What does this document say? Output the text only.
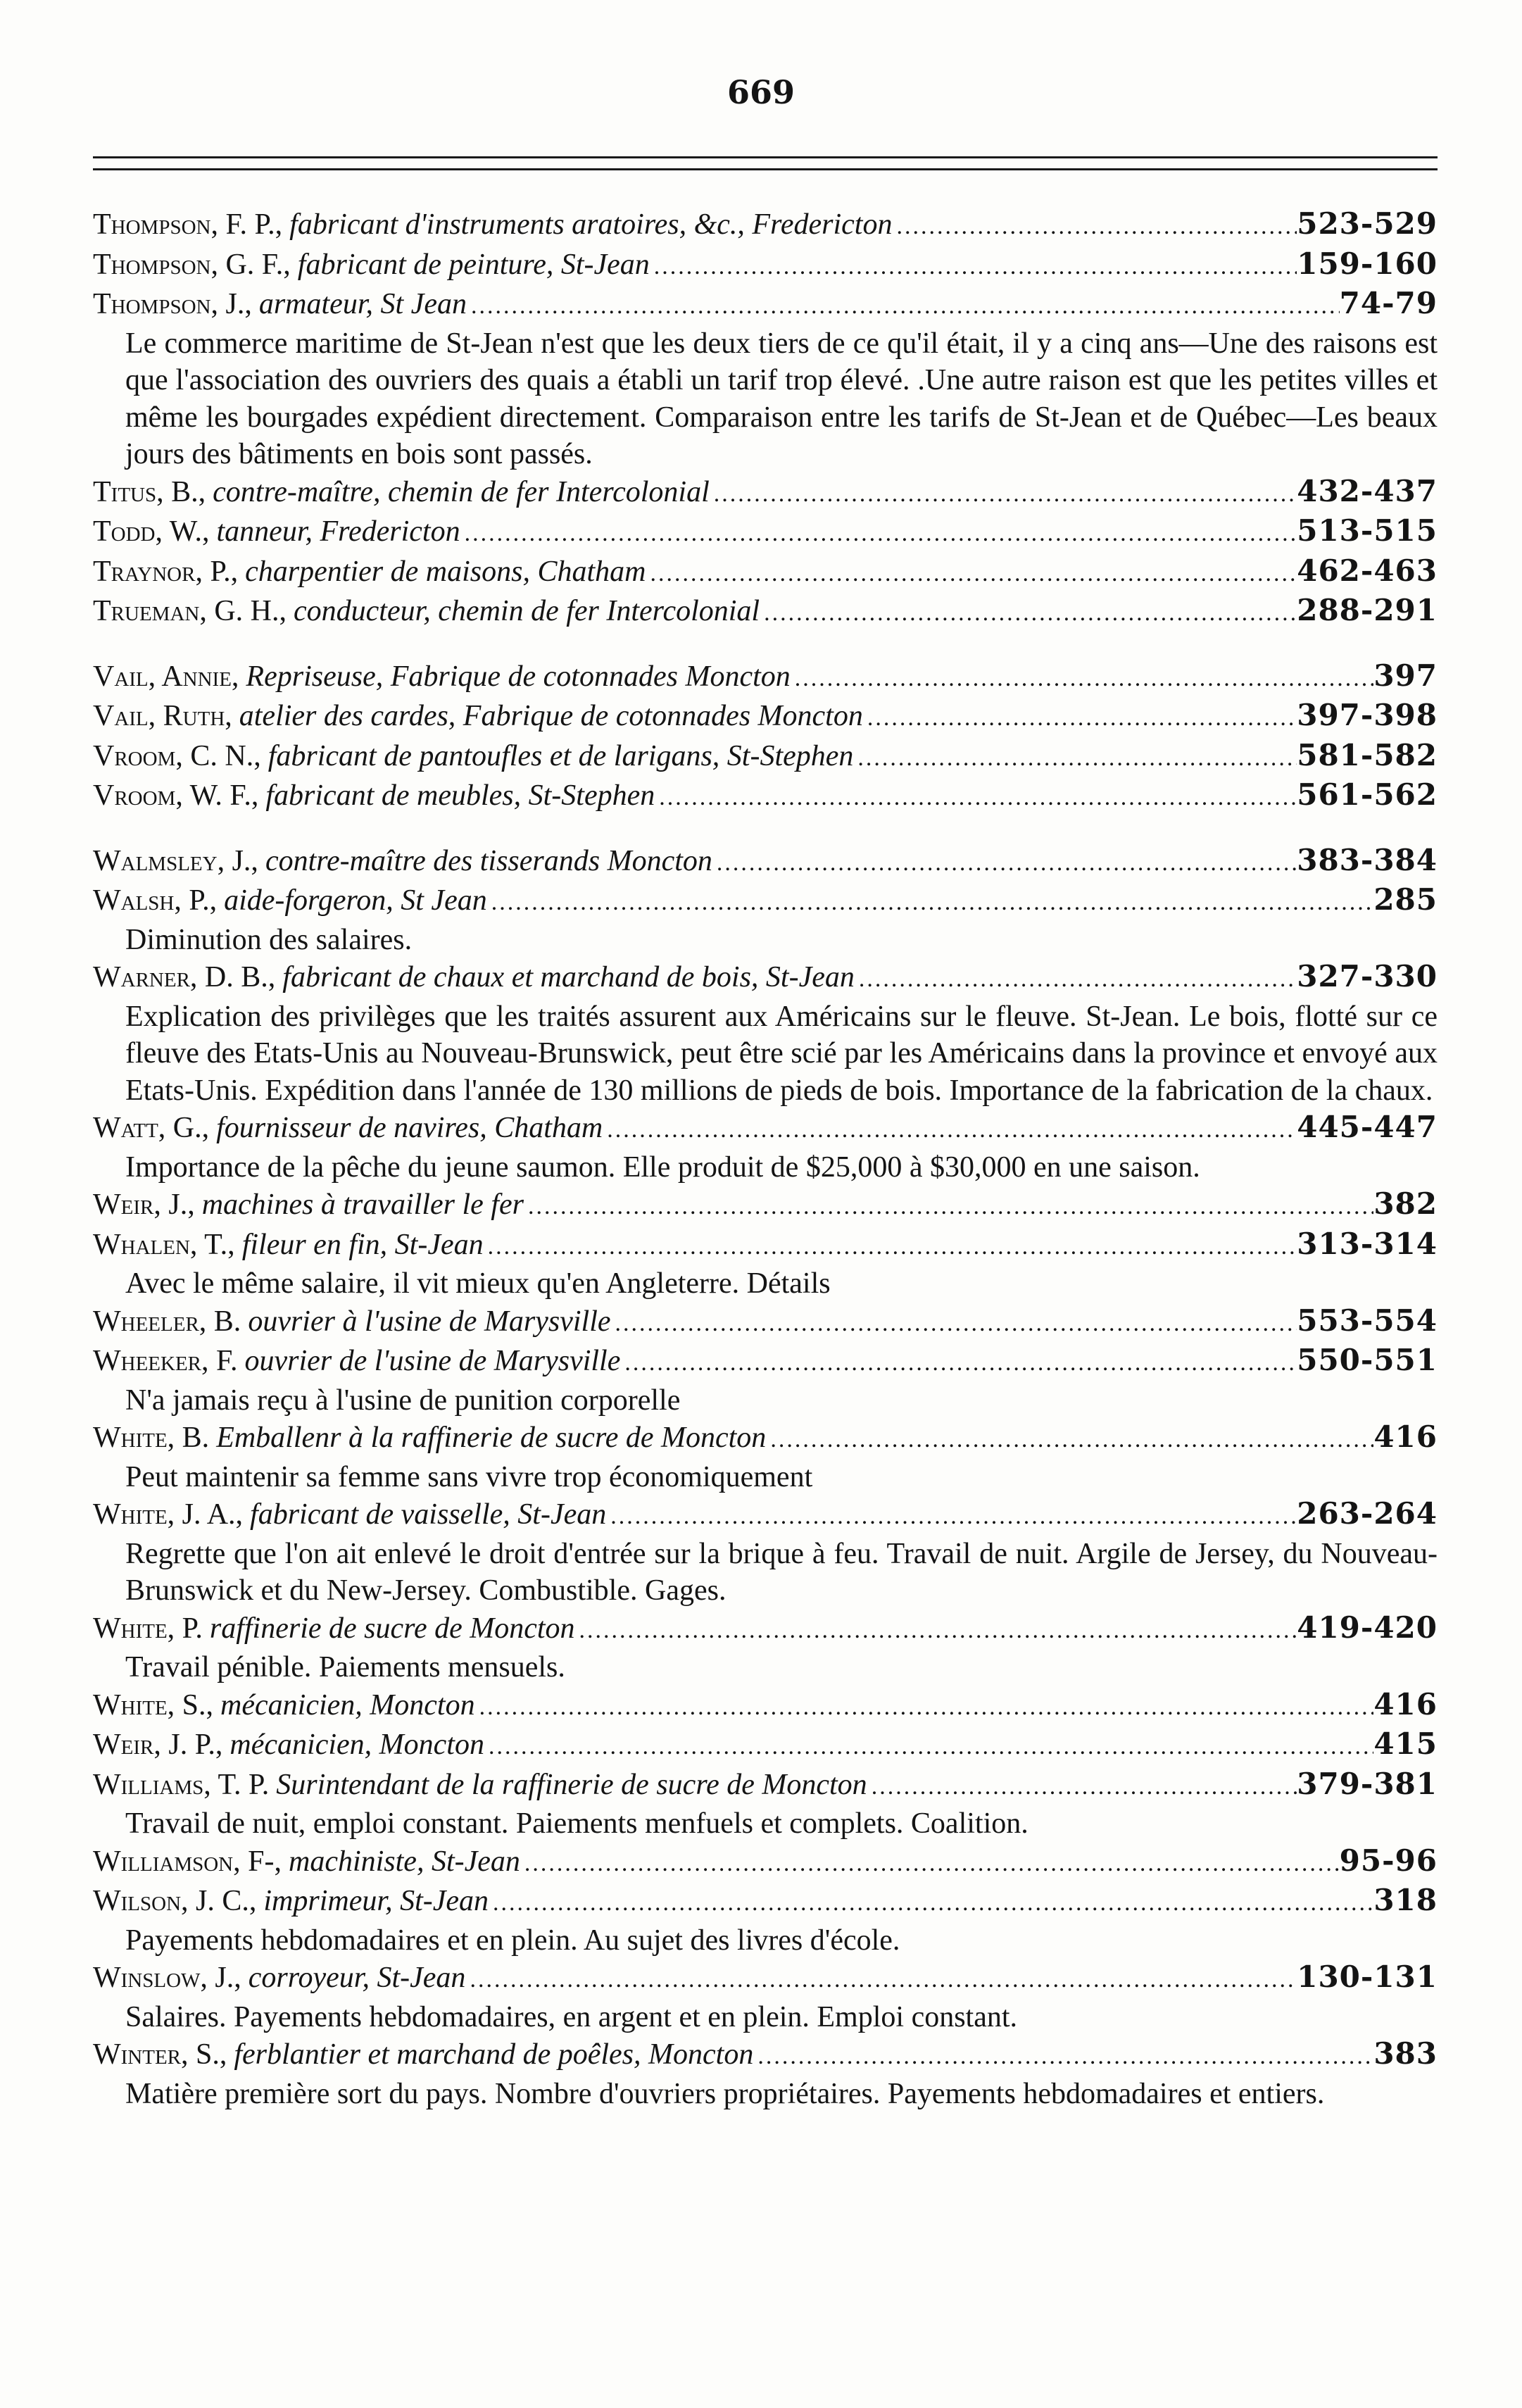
669
Thompson, F. P., fabricant d'instruments aratoires, &c., Fredericton .....	523-529
Thompson, G. F., fabricant de peinture, St-Jean .....	159-160
Thompson, J., armateur, St Jean .....	74-79
Le commerce maritime de St-Jean n'est que les deux tiers de ce qu'il était, il y a cinq ans—Une des raisons est que l'association des ouvriers des quais a établi un tarif trop élevé. .Une autre raison est que les petites villes et même les bourgades expédient directement. Comparaison entre les tarifs de St-Jean et de Québec—Les beaux jours des bâtiments en bois sont passés.
Titus, B., contre-maître, chemin de fer Intercolonial .....	432-437
Todd, W., tanneur, Fredericton .....	513-515
Traynor, P., charpentier de maisons, Chatham .....	462-463
Trueman, G. H., conducteur, chemin de fer Intercolonial .....	288-291
Vail, Annie, Repriseuse, Fabrique de cotonnades Moncton .....	397
Vail, Ruth, atelier des cardes, Fabrique de cotonnades Moncton .....	397-398
Vroom, C. N., fabricant de pantoufles et de larigans, St-Stephen .....	581-582
Vroom, W. F., fabricant de meubles, St-Stephen .....	561-562
Walmsley, J., contre-maître des tisserands Moncton .....	383-384
Walsh, P., aide-forgeron, St Jean .....	285
Diminution des salaires.
Warner, D. B., fabricant de chaux et marchand de bois, St-Jean .....	327-330
Explication des privilèges que les traités assurent aux Américains sur le fleuve. St-Jean. Le bois, flotté sur ce fleuve des Etats-Unis au Nouveau-Brunswick, peut être scié par les Américains dans la province et envoyé aux Etats-Unis. Expédition dans l'année de 130 millions de pieds de bois. Importance de la fabrication de la chaux.
Watt, G., fournisseur de navires, Chatham .....	445-447
Importance de la pêche du jeune saumon. Elle produit de $25,000 à $30,000 en une saison.
Weir, J., machines à travailler le fer .....	382
Whalen, T., fileur en fin, St-Jean .....	313-314
Avec le même salaire, il vit mieux qu'en Angleterre. Détails
Wheeler, B. ouvrier à l'usine de Marysville .....	553-554
Wheeker, F. ouvrier de l'usine de Marysville .....	550-551
N'a jamais reçu à l'usine de punition corporelle
White, B. Emballenr à la raffinerie de sucre de Moncton .....	416
Peut maintenir sa femme sans vivre trop économiquement
White, J. A., fabricant de vaisselle, St-Jean .....	263-264
Regrette que l'on ait enlevé le droit d'entrée sur la brique à feu. Travail de nuit. Argile de Jersey, du Nouveau-Brunswick et du New-Jersey. Combustible. Gages.
White, P. raffinerie de sucre de Moncton .....	419-420
Travail pénible. Paiements mensuels.
White, S., mécanicien, Moncton .....	416
Weir, J. P., mécanicien, Moncton .....	415
Williams, T. P. Surintendant de la raffinerie de sucre de Moncton .....	379-381
Travail de nuit, emploi constant. Paiements menfuels et complets. Coalition.
Williamson, F-, machiniste, St-Jean .....	95-96
Wilson, J. C., imprimeur, St-Jean .....	318
Payements hebdomadaires et en plein. Au sujet des livres d'école.
Winslow, J., corroyeur, St-Jean .....	130-131
Salaires. Payements hebdomadaires, en argent et en plein. Emploi constant.
Winter, S., ferblantier et marchand de poêles, Moncton .....	383
Matière première sort du pays. Nombre d'ouvriers propriétaires. Payements hebdomadaires et entiers.
